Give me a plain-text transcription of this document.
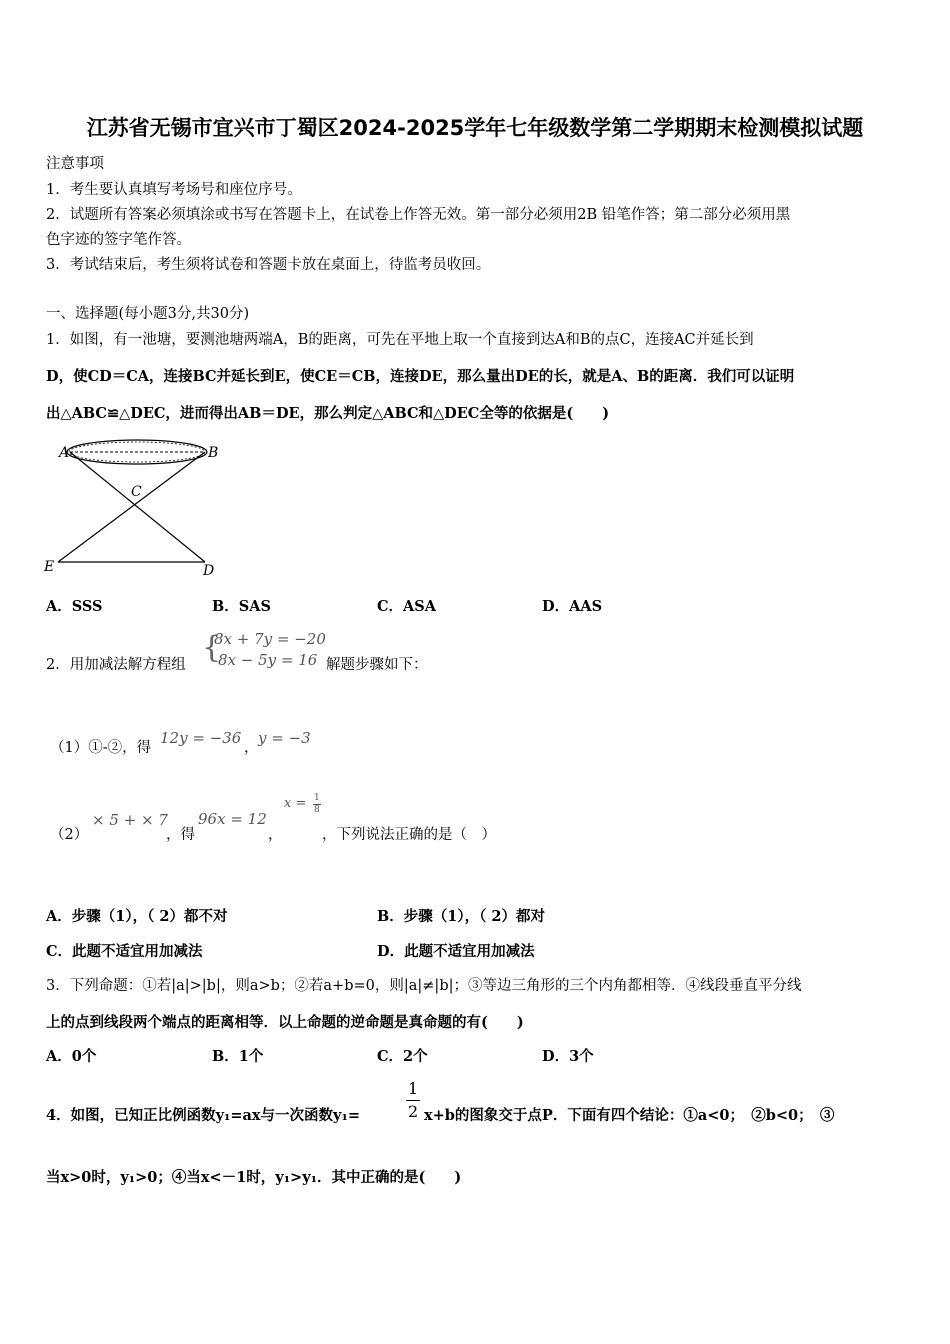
江苏省无锡市宜兴市丁蜀区2024-2025学年七年级数学第二学期期末检测模拟试题
注意事项
1．考生要认真填写考场号和座位序号。
2．试题所有答案必须填涂或书写在答题卡上，在试卷上作答无效。第一部分必须用2B 铅笔作答；第二部分必须用黑
色字迹的签字笔作答。
3．考试结束后，考生须将试卷和答题卡放在桌面上，待监考员收回。
一、选择题(每小题3分,共30分)
1．如图，有一池塘，要测池塘两端A，B的距离，可先在平地上取一个直接到达A和B的点C，连接AC并延长到
D，使CD＝CA，连接BC并延长到E，使CE＝CB，连接DE，那么量出DE的长，就是A、B的距离．我们可以证明
出△ABC≌△DEC，进而得出AB＝DE，那么判定△ABC和△DEC全等的依据是(　　)
A	B
C
E	D
A．SSS	B．SAS	C．ASA	D．AAS
2．用加减法解方程组 {
8x + 7y = −20
8x − 5y = 16 解题步骤如下：
（1）①-②，得
12y = −36
，
y = −3
（2）
× 5 + × 7
，得
96x = 12
，
$x = \frac{1}{8}$
，下列说法正确的是（　）
A．步骤（1），（ 2）都不对	B．步骤（1），（ 2）都对
C．此题不适宜用加减法	D．此题不适宜用加减法
3．下列命题：①若|a|>|b|，则a>b；②若a+b=0，则|a|≠|b|；③等边三角形的三个内角都相等．④线段垂直平分线
上的点到线段两个端点的距离相等．以上命题的逆命题是真命题的有(　　)
A．0个	B．1个	C．2个	D．3个
4．如图，已知正比例函数y₁=ax与一次函数y₁=	$\frac{1}{2} x+b$的图象交于点P．下面有四个结论：①a<0；　②b<0；　③
当x>0时，y₁>0；④当x<－1时，y₁>y₁．其中正确的是(　　)
